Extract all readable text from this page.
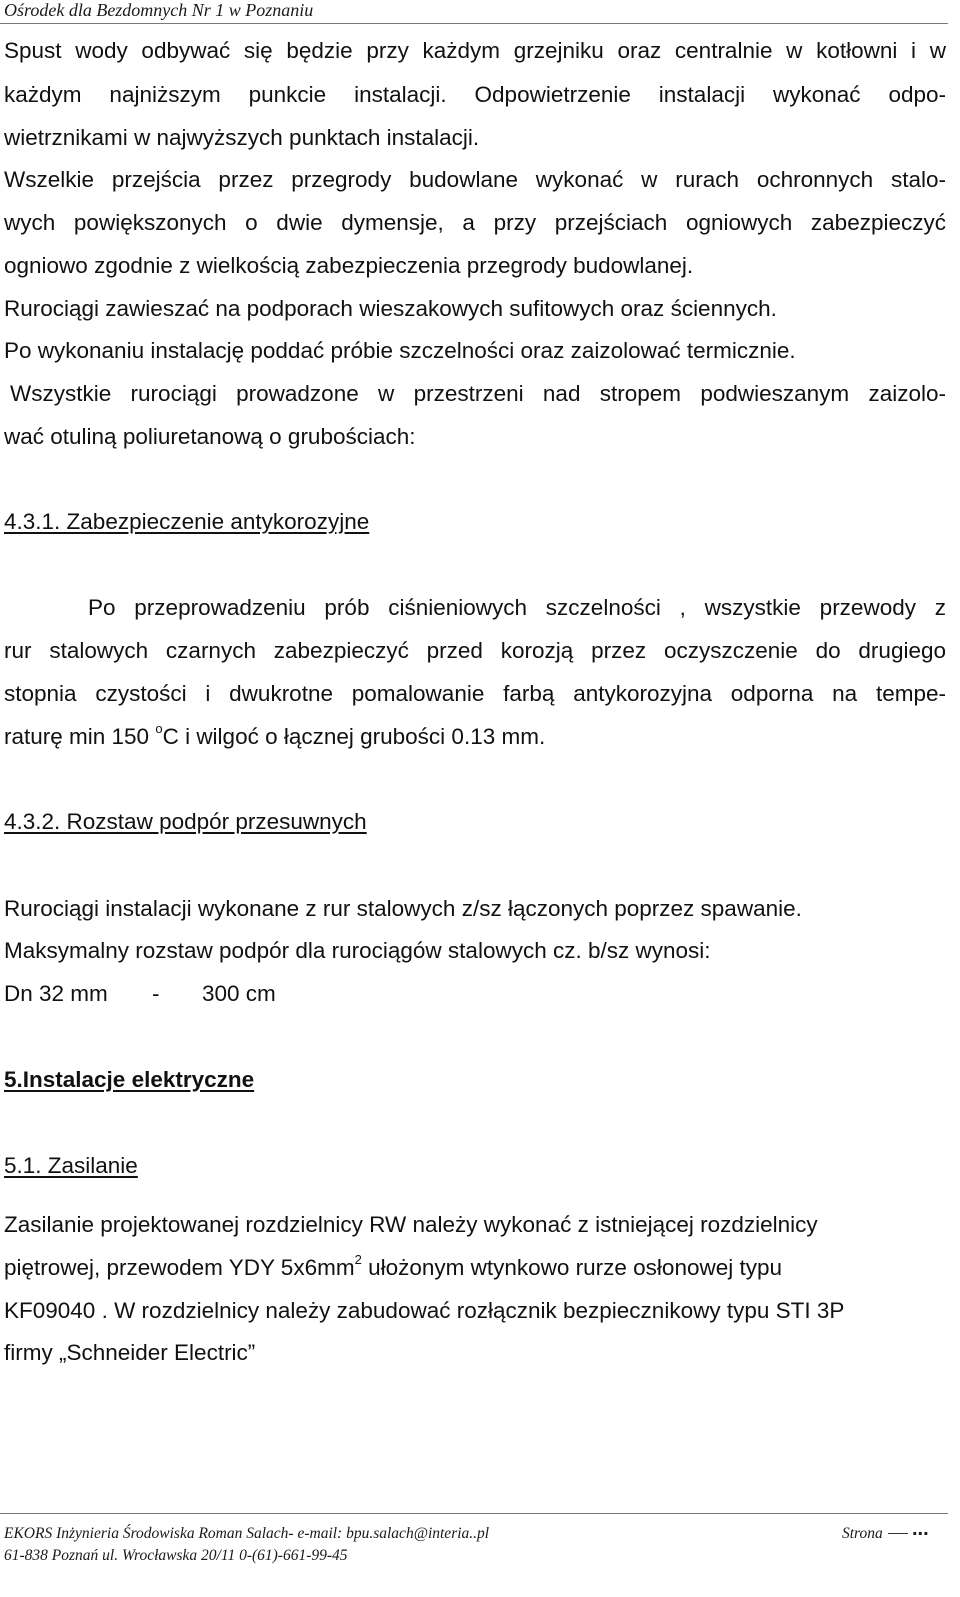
Ośrodek dla Bezdomnych Nr 1 w Poznaniu
Spust wody odbywać się będzie przy każdym grzejniku oraz centralnie w kotłowni i w
każdym najniższym punkcie instalacji. Odpowietrzenie instalacji wykonać odpo-
wietrznikami w najwyższych punktach instalacji.
Wszelkie przejścia przez przegrody budowlane wykonać w rurach ochronnych stalo-
wych powiększonych o dwie dymensje, a przy przejściach ogniowych zabezpieczyć
ogniowo zgodnie z wielkością zabezpieczenia przegrody budowlanej.
Rurociągi zawieszać na podporach wieszakowych sufitowych oraz ściennych.
Po wykonaniu instalację poddać próbie szczelności oraz zaizolować termicznie.
Wszystkie rurociągi prowadzone w przestrzeni nad stropem podwieszanym zaizolo-
wać otuliną poliuretanową o grubościach:
4.3.1. Zabezpieczenie antykorozyjne
Po przeprowadzeniu prób ciśnieniowych szczelności , wszystkie przewody z
rur stalowych czarnych zabezpieczyć przed korozją przez oczyszczenie do drugiego
stopnia czystości i dwukrotne pomalowanie farbą antykorozyjna odporna na tempe-
raturę min 150 $^o$C i wilgoć o łącznej grubości 0.13 mm.
4.3.2. Rozstaw podpór przesuwnych
Rurociągi instalacji wykonane z rur stalowych z/sz łączonych poprzez spawanie.
Maksymalny rozstaw podpór dla rurociągów stalowych cz. b/sz wynosi:
Dn 32 mm - 300 cm
5.Instalacje elektryczne
5.1. Zasilanie
Zasilanie projektowanej rozdzielnicy RW należy wykonać z istniejącej rozdzielnicy
piętrowej, przewodem YDY $5x6mm^2$ ułożonym wtynkowo rurze osłonowej typu
KF09040 . W rozdzielnicy należy zabudować rozłącznik bezpiecznikowy typu STI 3P
firmy „Schneider Electric”
EKORS Inżynieria Środowiska Roman Salach- e-mail: bpu.salach@interia..pl
61-838 Poznań ul. Wrocławska 20/11 0-(61)-661-99-45
Strona ...
